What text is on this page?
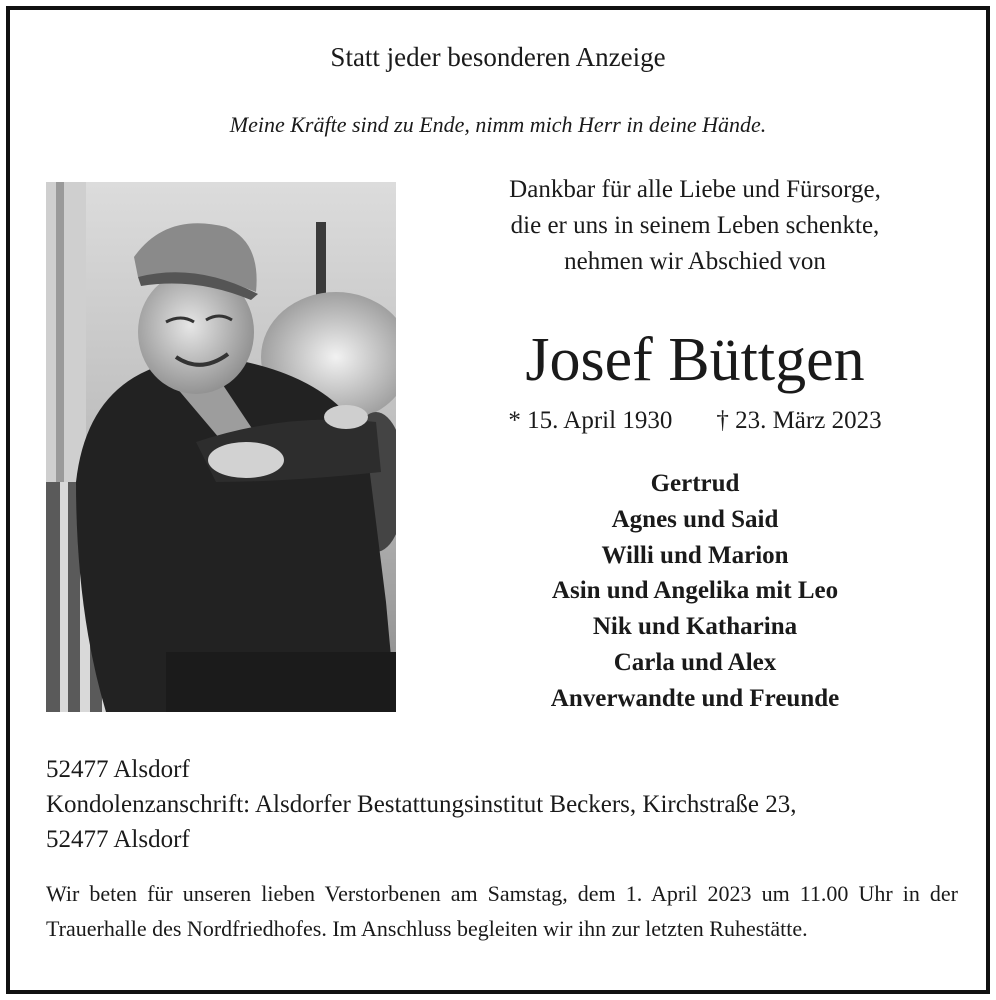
Statt jeder besonderen Anzeige

Meine Kräfte sind zu Ende, nimm mich Herr in deine Hände.

Dankbar für alle Liebe und Fürsorge,
die er uns in seinem Leben schenkte,
nehmen wir Abschied von
Josef Büttgen

* 15. April 1930 † 23. März 2023

Gertrud
Agnes und Said
Willi und Marion
Asin und Angelika mit Leo
Nik und Katharina
Carla und Alex
Anverwandte und Freunde
52477 Alsdorf
Kondolenzanschrift: Alsdorfer Bestattungsinstitut Beckers, Kirchstraße 23,
52477 Alsdorf

Wir beten für unseren lieben Verstorbenen am Samstag, dem 1. April 2023 um 11.00 Uhr in der Trauerhalle des Nordfriedhofes. Im Anschluss begleiten wir ihn zur letzten Ruhestätte.
